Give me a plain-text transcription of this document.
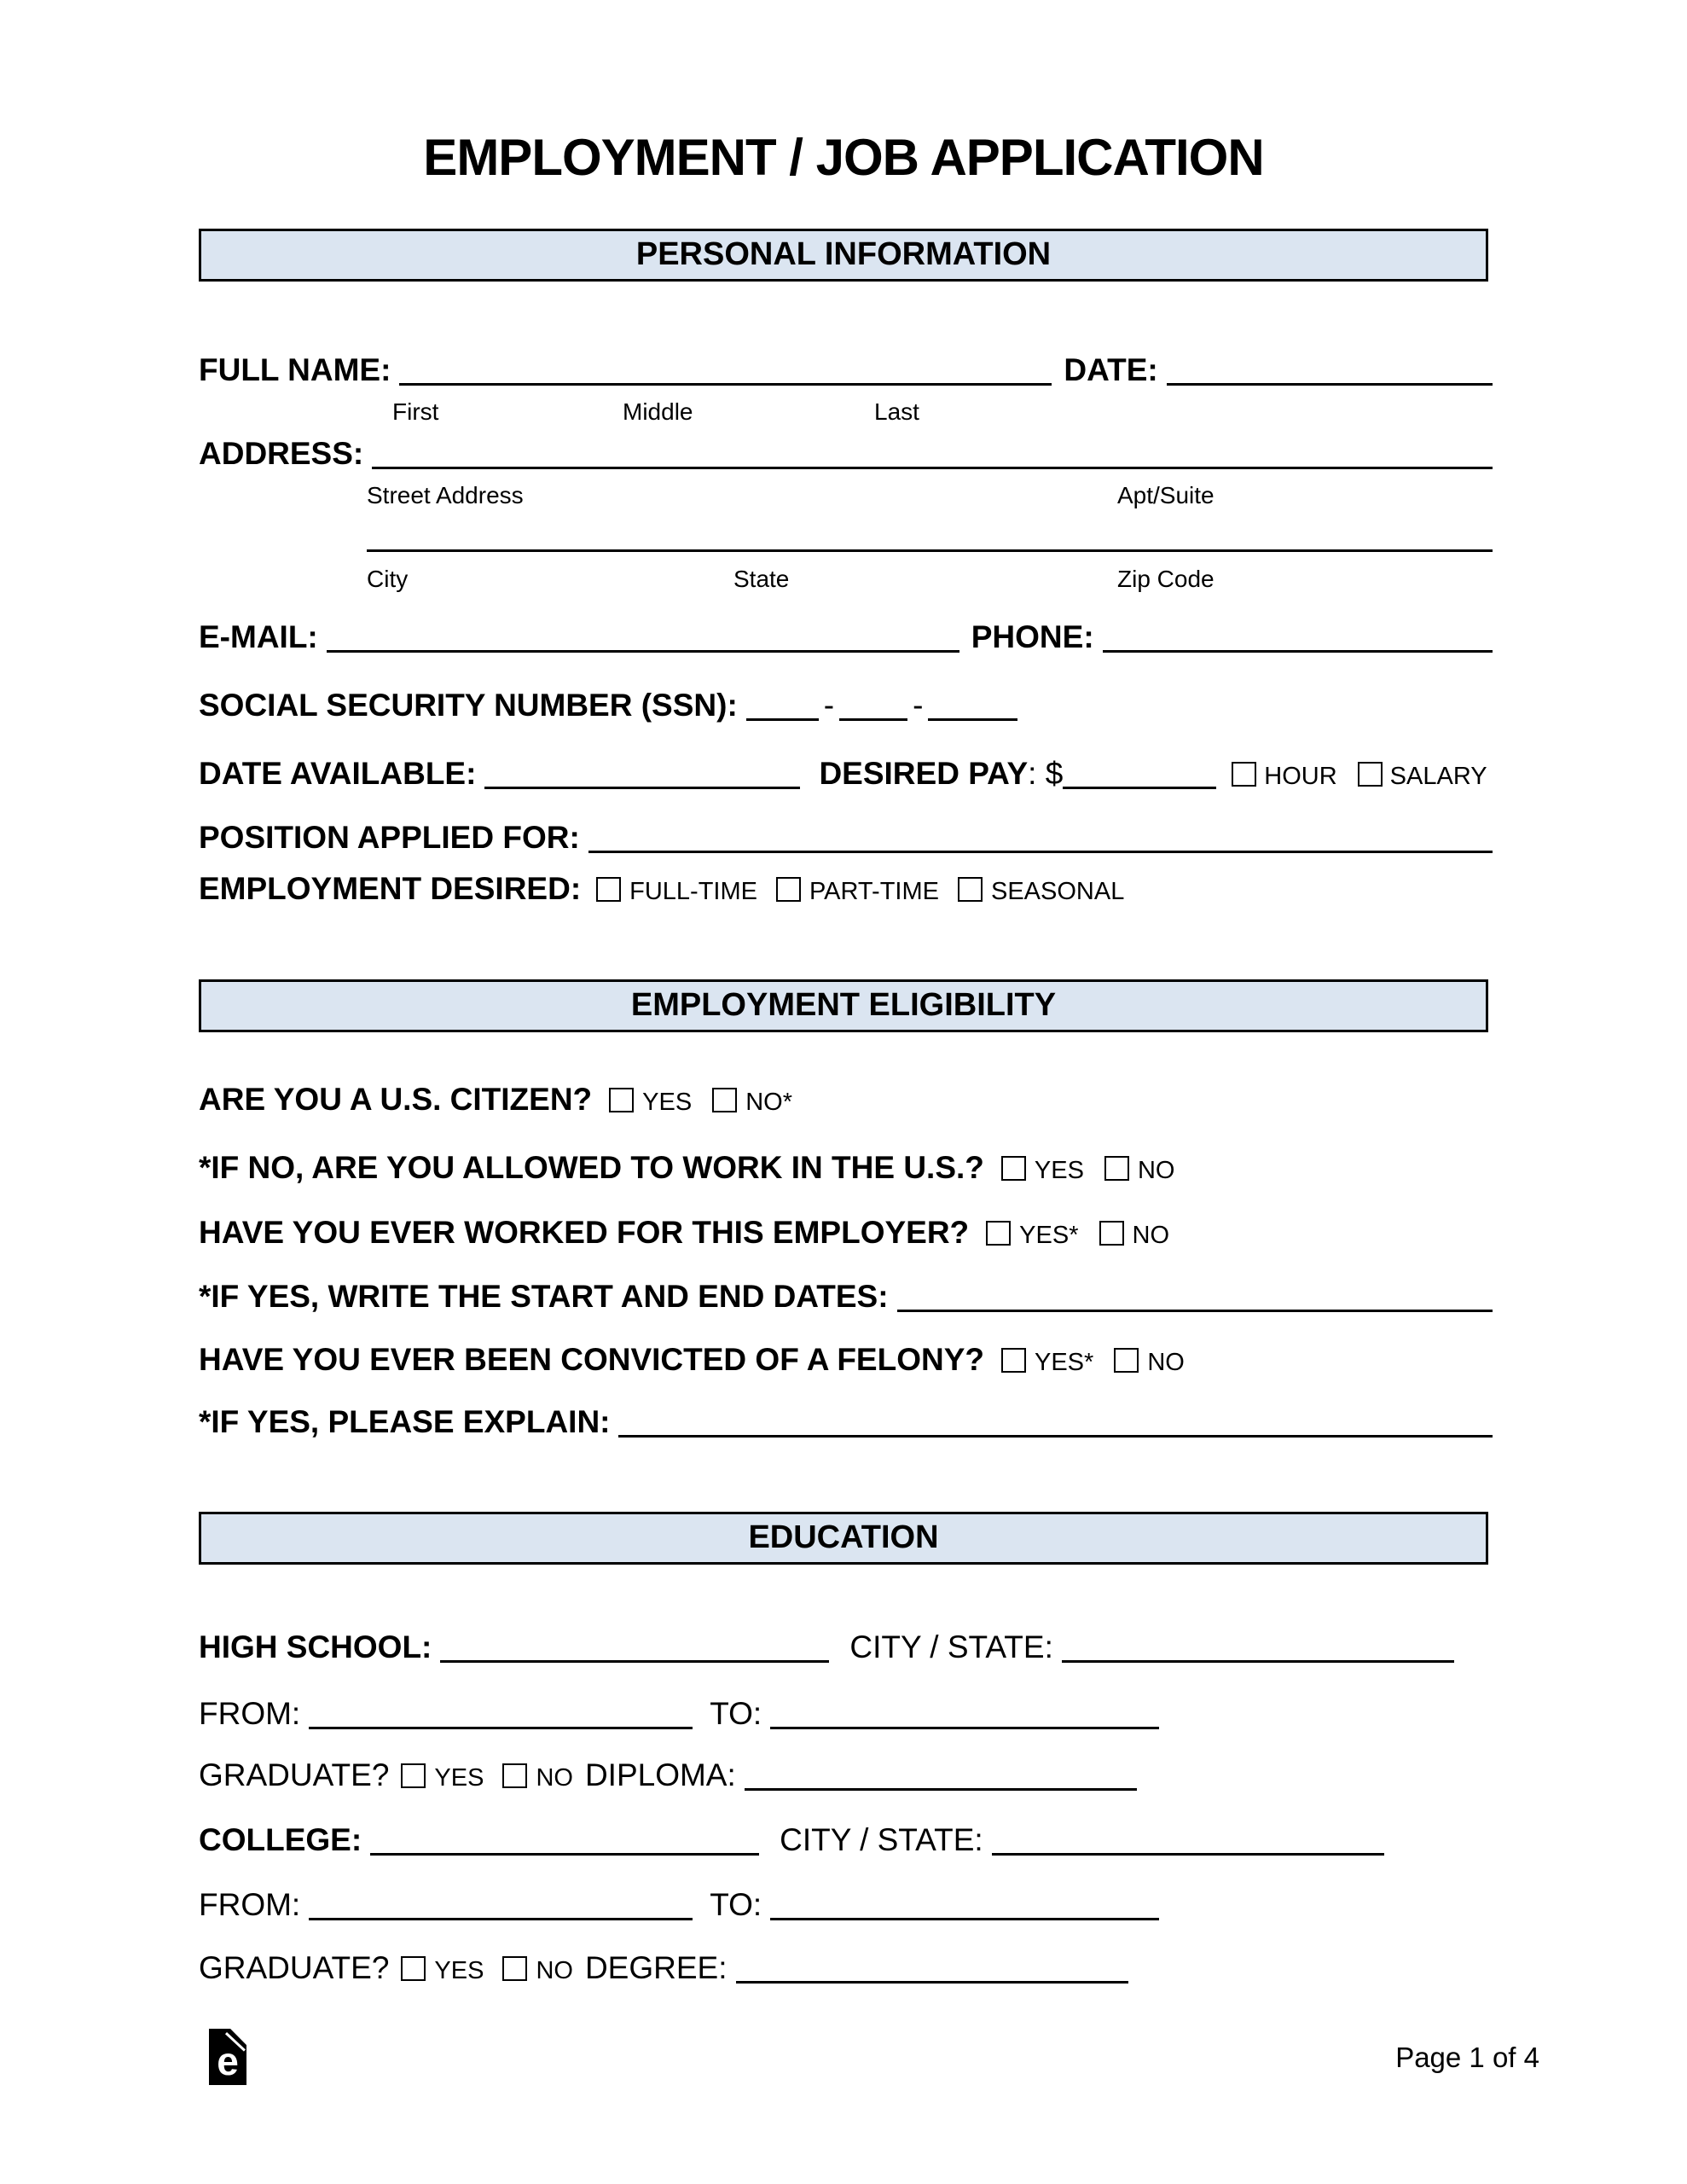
EMPLOYMENT / JOB APPLICATION
PERSONAL INFORMATION
FULL NAME:	DATE:
First	Middle	Last
ADDRESS:
Street Address	Apt/Suite
City	State	Zip Code
E-MAIL:	PHONE:
SOCIAL SECURITY NUMBER (SSN):	- -
DATE AVAILABLE:	DESIRED PAY : $	HOUR SALARY
POSITION APPLIED FOR:
EMPLOYMENT DESIRED: FULL-TIME PART-TIME SEASONAL
EMPLOYMENT ELIGIBILITY
ARE YOU A U.S. CITIZEN? YES NO*
*IF NO, ARE YOU ALLOWED TO WORK IN THE U.S.? YES NO
HAVE YOU EVER WORKED FOR THIS EMPLOYER? YES* NO
*IF YES, WRITE THE START AND END DATES:
HAVE YOU EVER BEEN CONVICTED OF A FELONY? YES* NO
*IF YES, PLEASE EXPLAIN:
EDUCATION
HIGH SCHOOL:	CITY / STATE:
FROM:	TO:
GRADUATE? YES NO DIPLOMA:
COLLEGE:	CITY / STATE:
FROM:	TO:
GRADUATE? YES NO DEGREE:
e	Page 1 of 4
